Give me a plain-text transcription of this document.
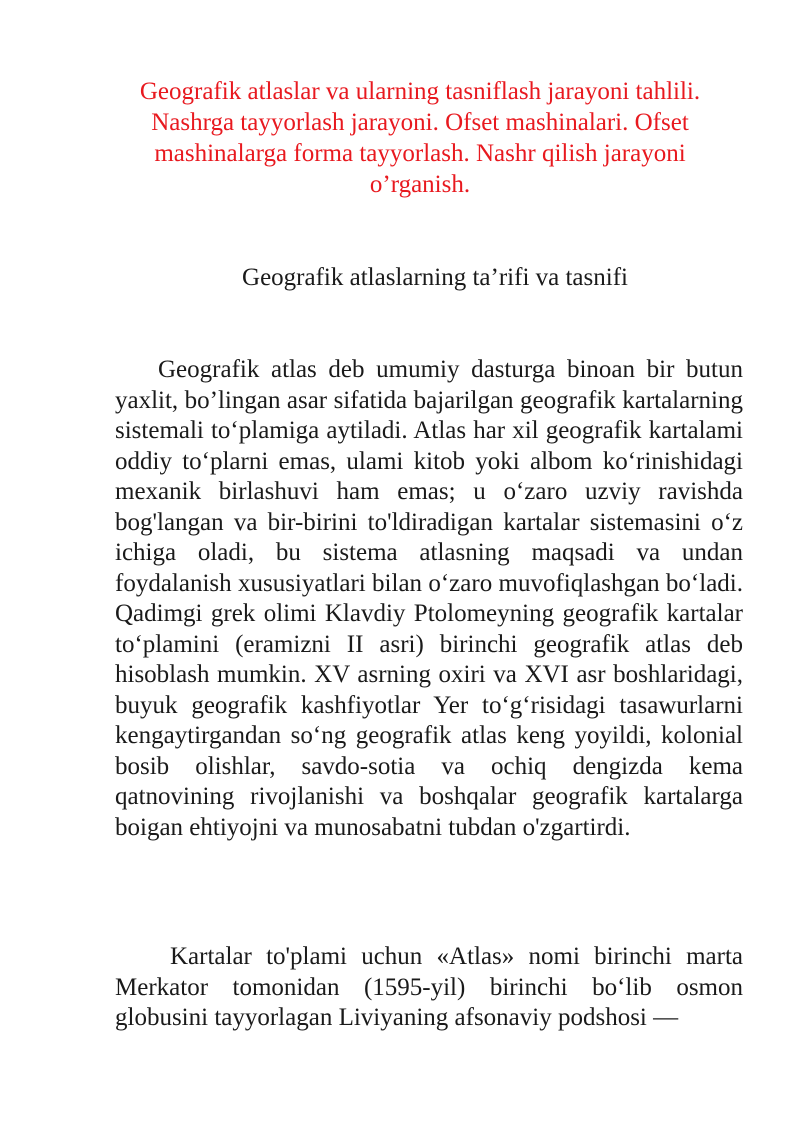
Geografik atlaslar va ularning tasniflash jarayoni tahlili. Nashrga tayyorlash jarayoni. Ofset mashinalari. Ofset mashinalarga forma tayyorlash. Nashr qilish jarayoni o’rganish.
Geografik atlaslarning ta’rifi va tasnifi

Geografik atlas deb umumiy dasturga binoan bir butun yaxlit, bo’lingan asar sifatida bajarilgan geografik kartalarning sistemali to‘plamiga aytiladi. Atlas har xil geografik kartalami oddiy to‘plarni emas, ulami kitob yoki albom ko‘rinishidagi mexanik birlashuvi ham emas; u o‘zaro uzviy ravishda bog'langan va bir-birini to'ldiradigan kartalar sistemasini o‘z ichiga oladi, bu sistema atlasning maqsadi va undan foydalanish xususiyatlari bilan o‘zaro muvofiqlashgan bo‘ladi. Qadimgi grek olimi Klavdiy Ptolomeyning geografik kartalar to‘plamini (eramizni II asri) birinchi geografik atlas deb hisoblash mumkin. XV asrning oxiri va XVI asr boshlaridagi, buyuk geografik kashfiyotlar Yer to‘g‘risidagi tasawurlarni kengaytirgandan so‘ng geografik atlas keng yoyildi, kolonial bosib olishlar, savdo-sotia va ochiq dengizda kema qatnovining rivojlanishi va boshqalar geografik kartalarga boigan ehtiyojni va munosabatni tubdan o'zgartirdi.

Kartalar to'plami uchun «Atlas» nomi birinchi marta Merkator tomonidan (1595-yil) birinchi bo‘lib osmon globusini tayyorlagan Liviyaning afsonaviy podshosi —
